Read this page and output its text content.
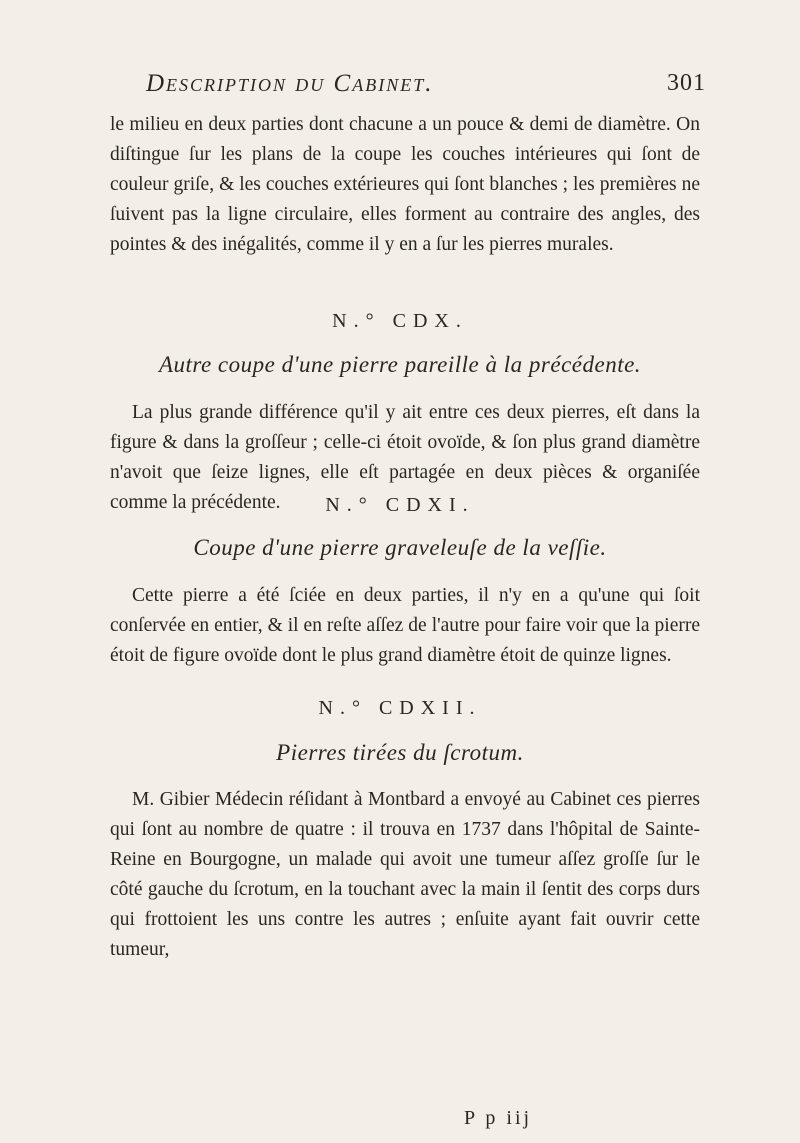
Description du Cabinet.	301
le milieu en deux parties dont chacune a un pouce & demi de diamètre. On diſtingue ſur les plans de la coupe les couches intérieures qui ſont de couleur griſe, & les couches extérieures qui ſont blanches ; les premières ne ſuivent pas la ligne circulaire, elles forment au contraire des angles, des pointes & des inégalités, comme il y en a ſur les pierres murales.
N.° CDX.
Autre coupe d'une pierre pareille à la précédente.
La plus grande différence qu'il y ait entre ces deux pierres, eſt dans la figure & dans la groſſeur ; celle-ci étoit ovoïde, & ſon plus grand diamètre n'avoit que ſeize lignes, elle eſt partagée en deux pièces & organiſée comme la précédente.	N.° CDXI.
Coupe d'une pierre graveleuſe de la veſſie.
Cette pierre a été ſciée en deux parties, il n'y en a qu'une qui ſoit conſervée en entier, & il en reſte aſſez de l'autre pour faire voir que la pierre étoit de figure ovoïde dont le plus grand diamètre étoit de quinze lignes.
N.° CDXII.
Pierres tirées du ſcrotum.
M. Gibier Médecin réſidant à Montbard a envoyé au Cabinet ces pierres qui ſont au nombre de quatre : il trouva en 1737 dans l'hôpital de Sainte-Reine en Bourgogne, un malade qui avoit une tumeur aſſez groſſe ſur le côté gauche du ſcrotum, en la touchant avec la main il ſentit des corps durs qui frottoient les uns contre les autres ; enſuite ayant fait ouvrir cette tumeur,
P p iij
